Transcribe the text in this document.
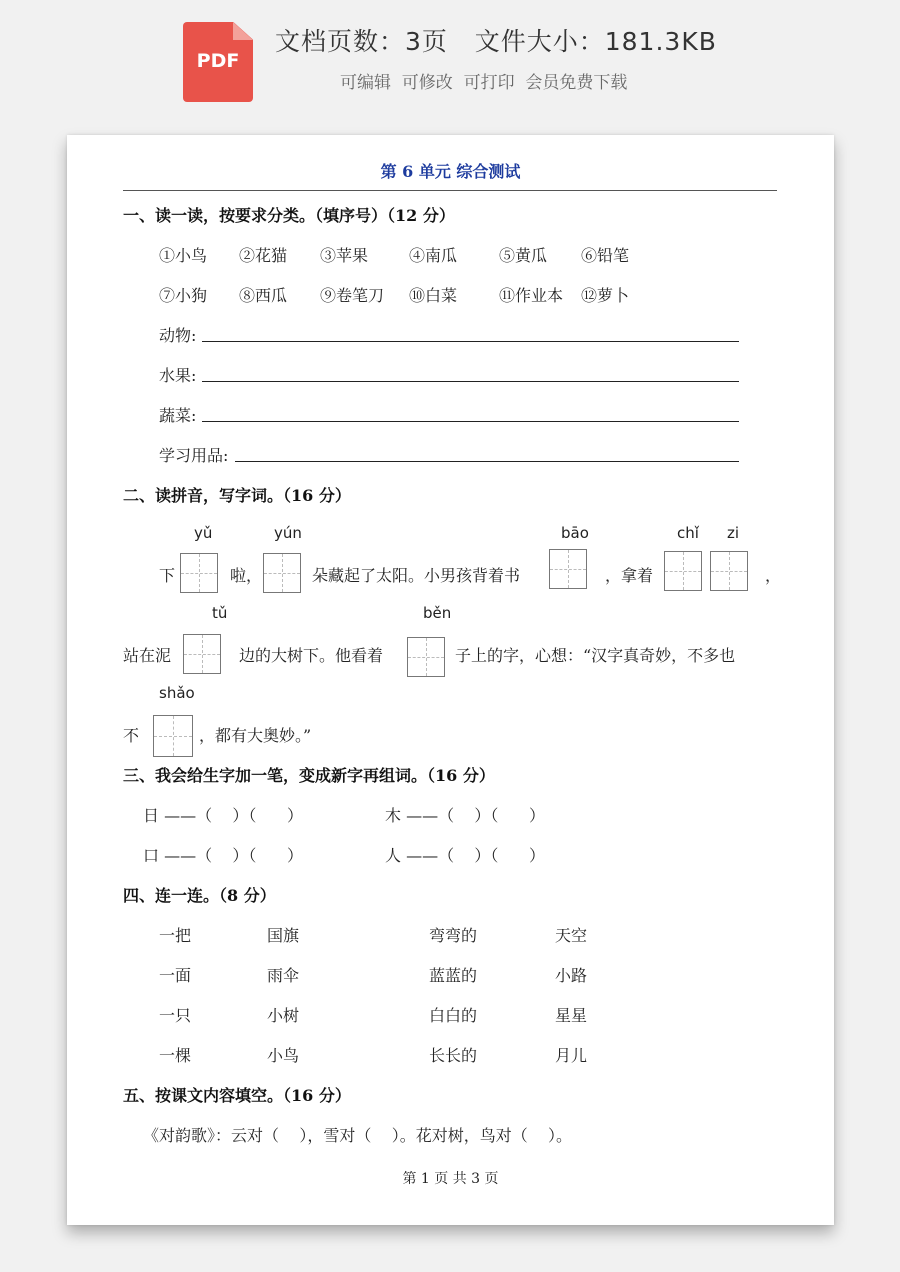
PDF
文档页数：3页   文件大小：181.3KB
可编辑  可修改  可打印  会员免费下载
第 6 单元 综合测试
一、读一读，按要求分类。（填序号）（12 分）
①小鸟 ②花猫 ③苹果	④南瓜	⑤黄瓜 ⑥铅笔
⑦小狗 ⑧西瓜 ⑨卷笔刀 ⑩白菜	⑪作业本 ⑫萝卜
动物:
水果:
蔬菜:
学习用品:
二、读拼音，写字词。（16 分）
yǔ	yún	bāo	chǐ zi
下	啦，	朵藏起了太阳。小男孩背着书	，拿着	，
tǔ	běn
站在泥	边的大树下。他看着	子上的字，心想：“汉字真奇妙，不多也
shǎo
不	，都有大奥妙。”
三、我会给生字加一笔，变成新字再组词。（16 分）
日 ——（    ）（      ）	木 ——（    ）（      ）
口 ——（    ）（      ）	人 ——（    ）（      ）
四、连一连。（8 分）
一把	国旗	弯弯的	天空
一面	雨伞	蓝蓝的	小路
一只	小树	白白的	星星
一棵	小鸟	长长的	月儿
五、按课文内容填空。（16 分）
《对韵歌》：云对（    ），雪对（    ）。花对树，鸟对（    ）。
第 1 页 共 3 页
